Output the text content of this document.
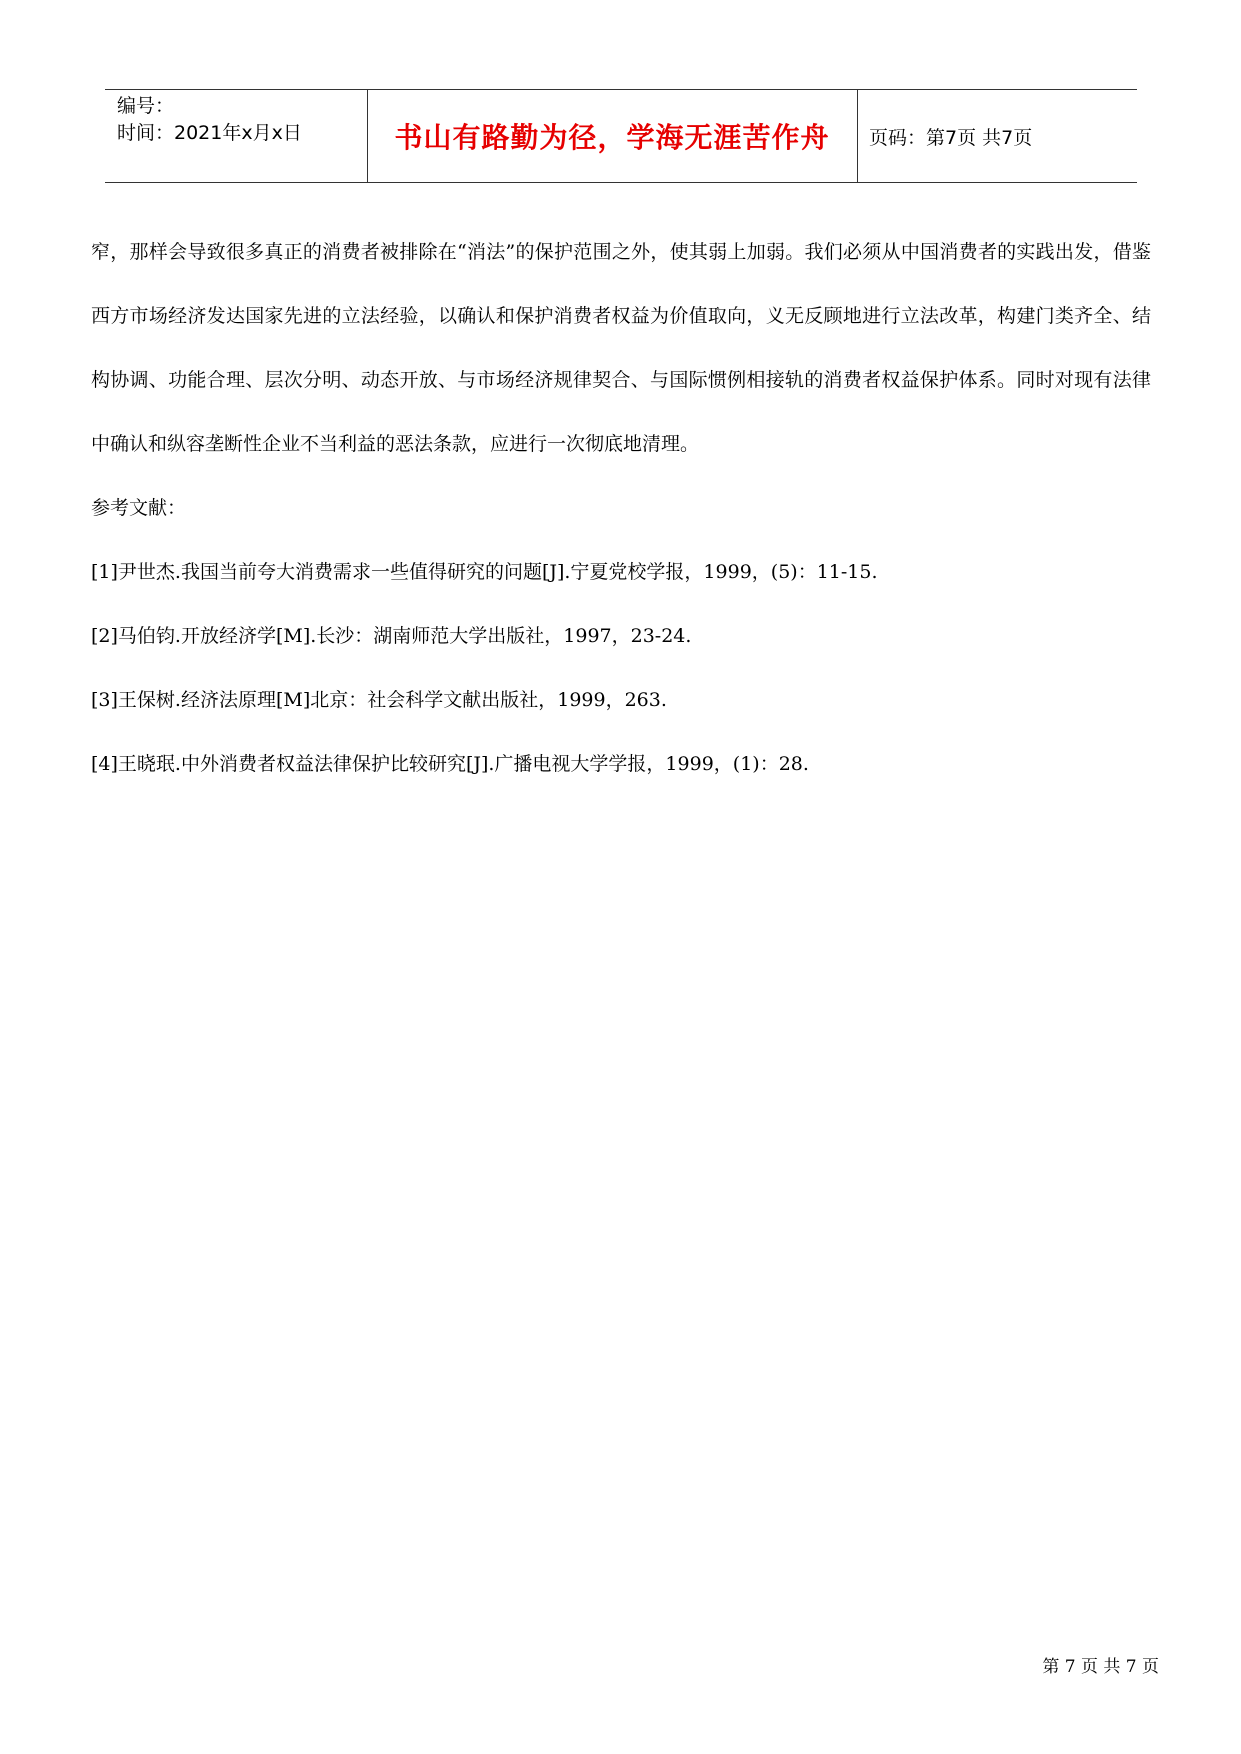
编号：
时间：2021年x月x日	书山有路勤为径，学海无涯苦作舟	页码：第7页 共7页

窄，那样会导致很多真正的消费者被排除在“消法”的保护范围之外，使其弱上加弱。我们必须从中国消费者的实践出发，借鉴西方市场经济发达国家先进的立法经验，以确认和保护消费者权益为价值取向，义无反顾地进行立法改革，构建门类齐全、结构协调、功能合理、层次分明、动态开放、与市场经济规律契合、与国际惯例相接轨的消费者权益保护体系。同时对现有法律中确认和纵容垄断性企业不当利益的恶法条款，应进行一次彻底地清理。

参考文献：

[1]尹世杰.我国当前夸大消费需求一些值得研究的问题[J].宁夏党校学报，1999，(5)：11-15.

[2]马伯钧.开放经济学[M].长沙：湖南师范大学出版社，1997，23-24.

[3]王保树.经济法原理[M]北京：社会科学文献出版社，1999，263.

[4]王晓珉.中外消费者权益法律保护比较研究[J].广播电视大学学报，1999，(1)：28.

第 7 页 共 7 页
